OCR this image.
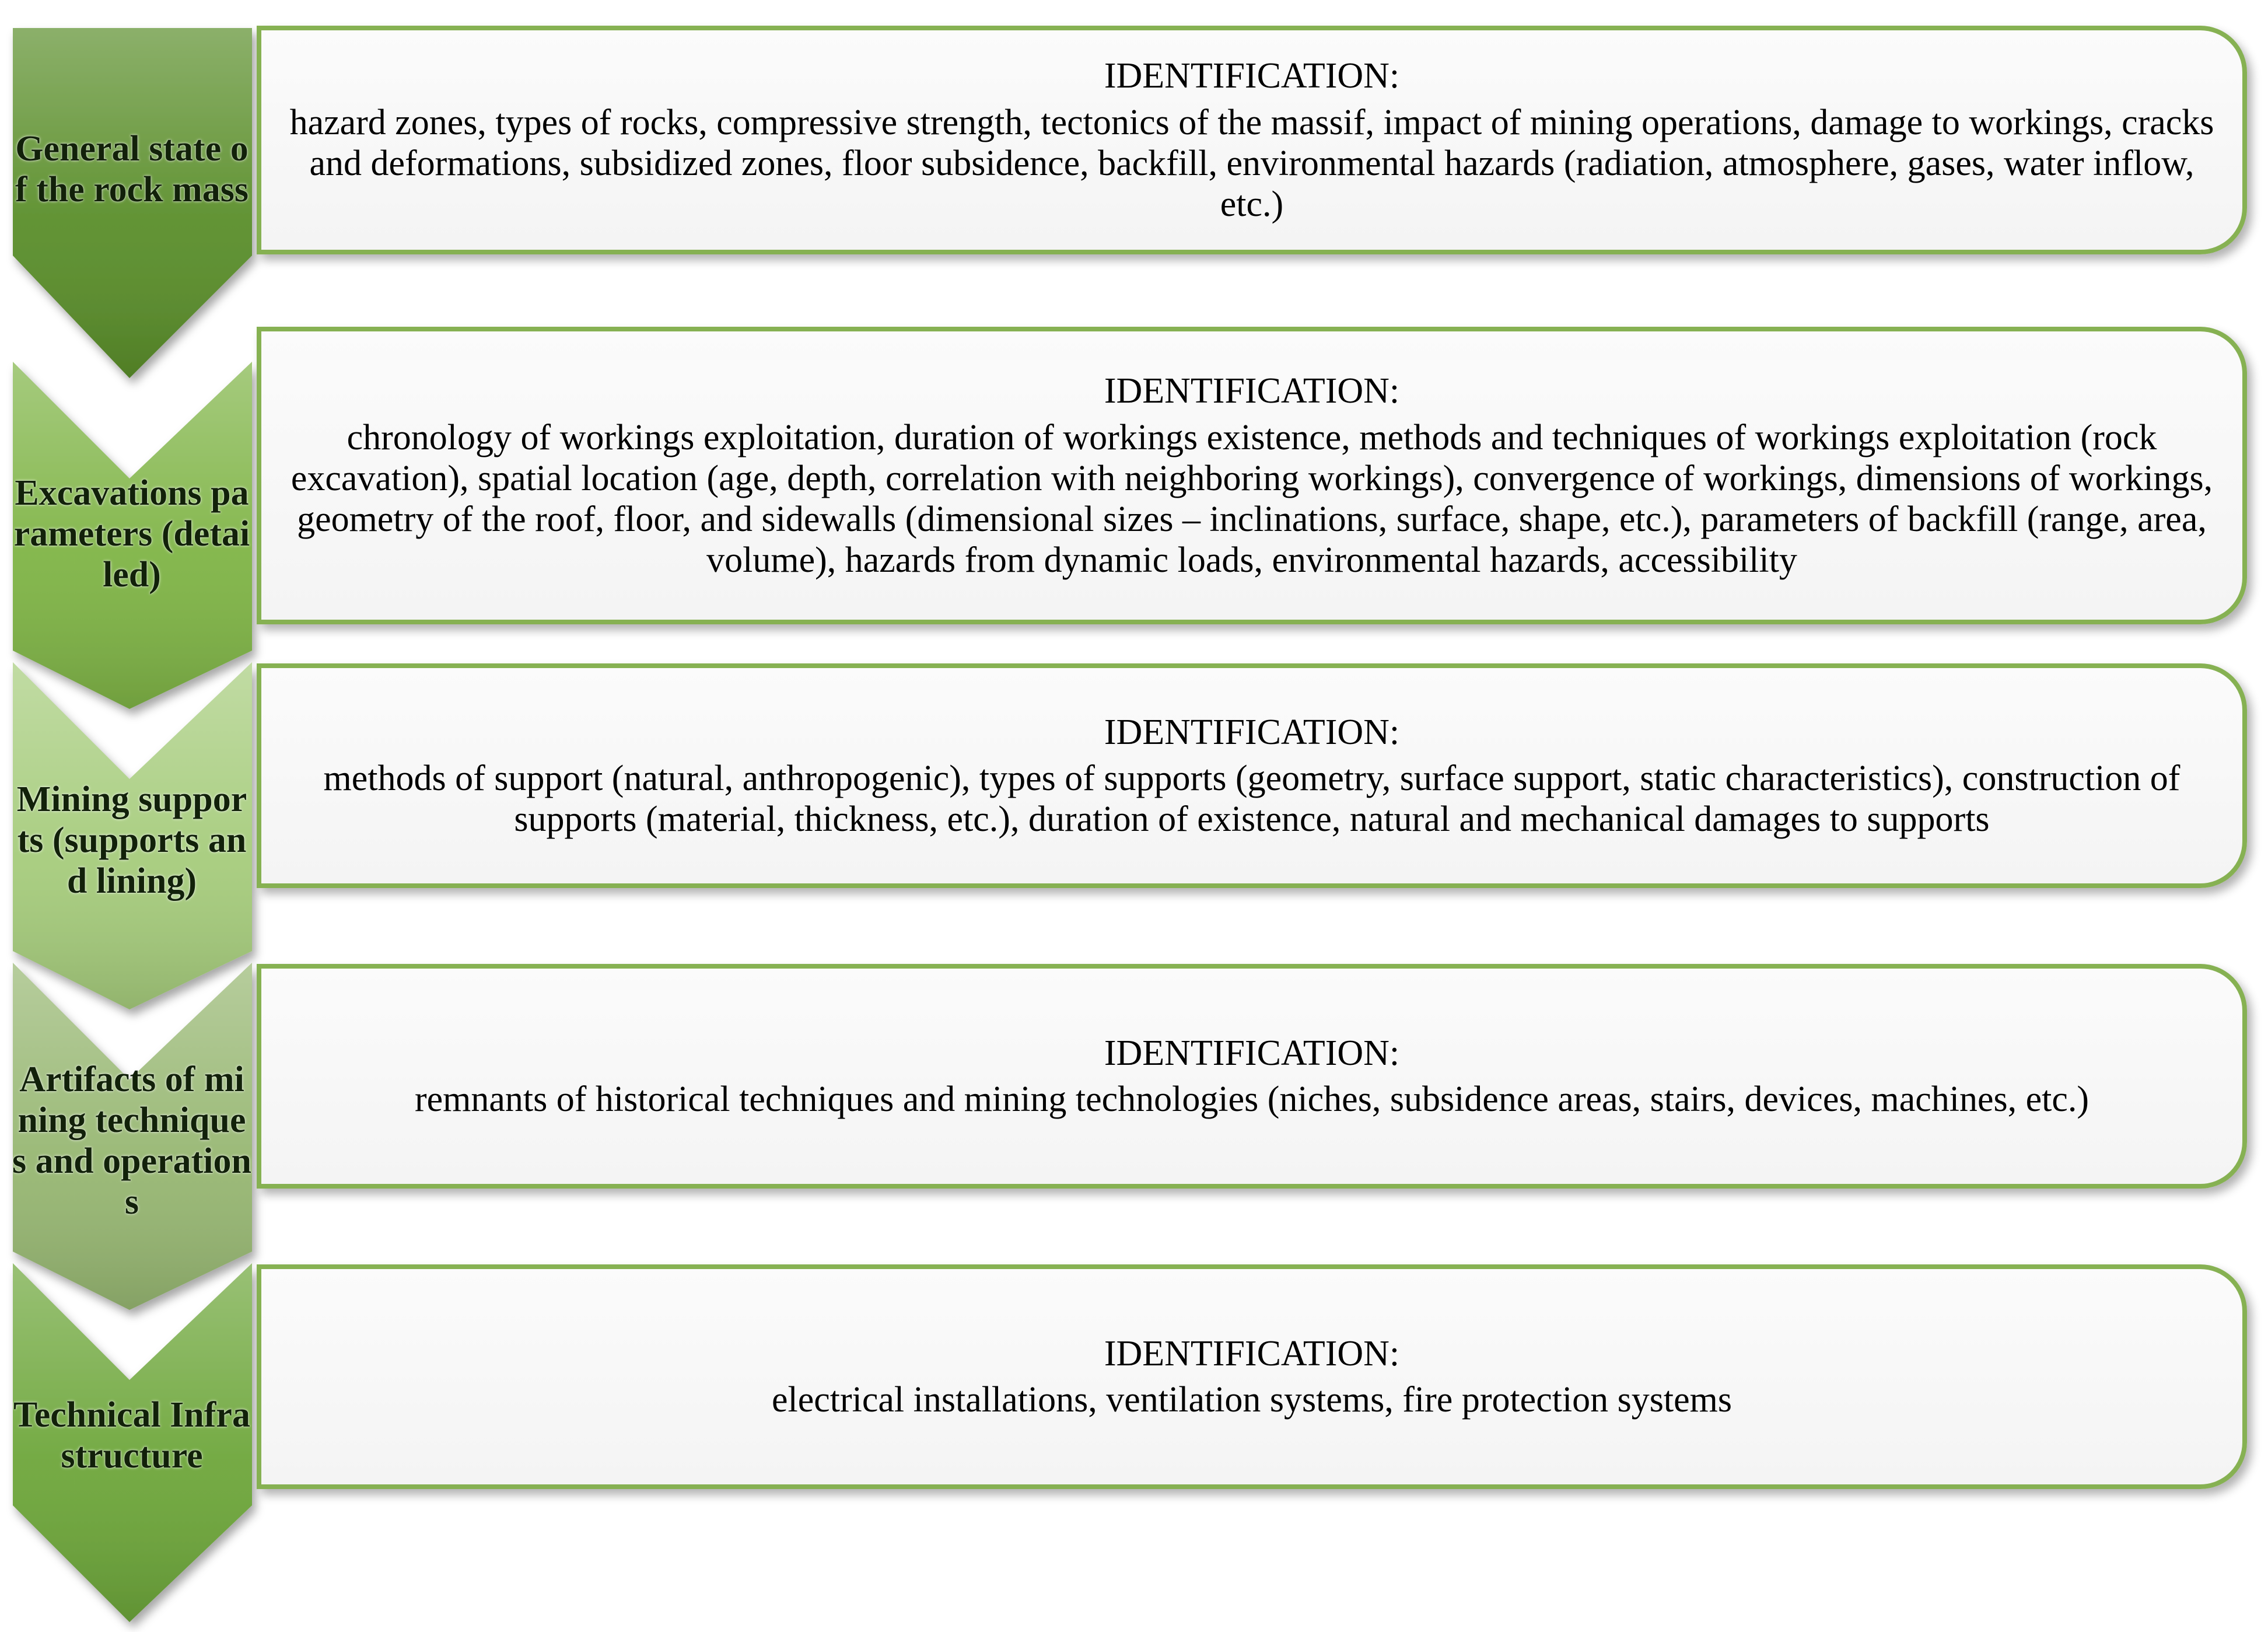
IDENTIFICATION:
hazard zones, types of rocks, compressive strength, tectonics of the massif, impact of mining operations, damage to workings, cracks and deformations, subsidized zones, floor subsidence, backfill, environmental hazards (radiation, atmosphere, gases, water inflow, etc.)
General state of the rock mass
IDENTIFICATION:
chronology of workings exploitation, duration of workings existence, methods and techniques of workings exploitation (rock excavation), spatial location (age, depth, correlation with neighboring workings), convergence of workings, dimensions of workings, geometry of the roof, floor, and sidewalls (dimensional sizes – inclinations, surface, shape, etc.), parameters of backfill (range, area, volume), hazards from dynamic loads, environmental hazards, accessibility
Excavations parameters (detailed)
IDENTIFICATION:
methods of support (natural, anthropogenic), types of supports (geometry, surface support, static characteristics), construction of supports (material, thickness, etc.), duration of existence, natural and mechanical damages to supports
Mining supports (supports and lining)
IDENTIFICATION:
remnants of historical techniques and mining technologies (niches, subsidence areas, stairs, devices, machines, etc.)
Artifacts of mining techniques and operations
IDENTIFICATION:
electrical installations, ventilation systems, fire protection systems
Technical Infrastructure
